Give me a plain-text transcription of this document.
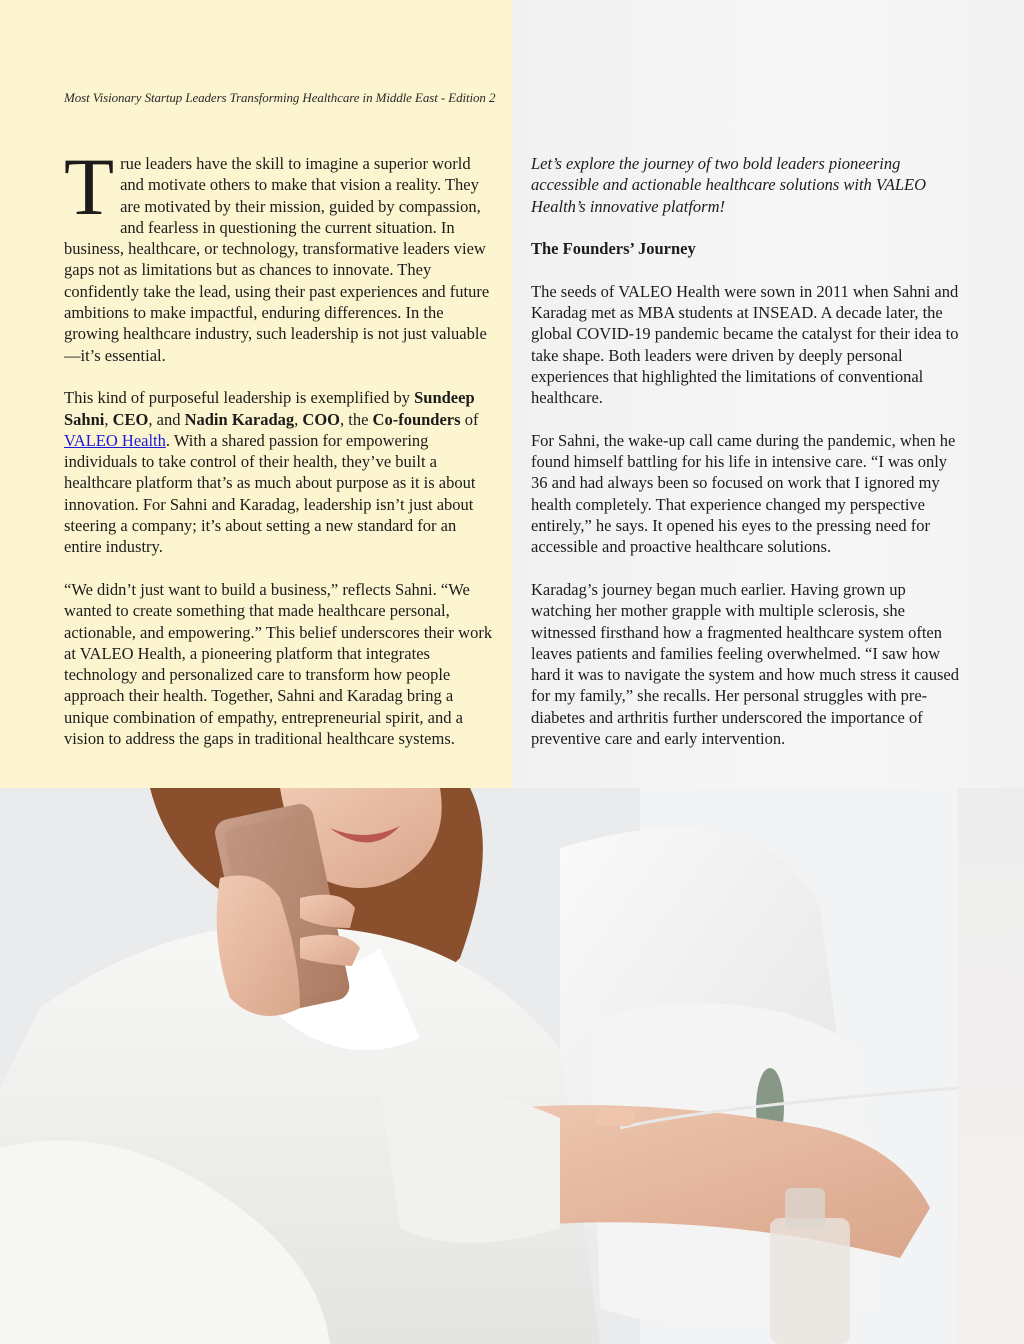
Most Visionary Startup Leaders Transforming Healthcare in Middle East - Edition 2

True leaders have the skill to imagine a superior world and motivate others to make that vision a reality. They are motivated by their mission, guided by compassion, and fearless in questioning the current situation. In business, healthcare, or technology, transformative leaders view gaps not as limitations but as chances to innovate. They confidently take the lead, using their past experiences and future ambitions to make impactful, enduring differences. In the growing healthcare industry, such leadership is not just valuable—it’s essential.

This kind of purposeful leadership is exemplified by Sundeep Sahni, CEO, and Nadin Karadag, COO, the Co-founders of VALEO Health. With a shared passion for empowering individuals to take control of their health, they’ve built a healthcare platform that’s as much about purpose as it is about innovation. For Sahni and Karadag, leadership isn’t just about steering a company; it’s about setting a new standard for an entire industry.

“We didn’t just want to build a business,” reflects Sahni. “We wanted to create something that made healthcare personal, actionable, and empowering.” This belief underscores their work at VALEO Health, a pioneering platform that integrates technology and personalized care to transform how people approach their health. Together, Sahni and Karadag bring a unique combination of empathy, entrepreneurial spirit, and a vision to address the gaps in traditional healthcare systems.

Let’s explore the journey of two bold leaders pioneering accessible and actionable healthcare solutions with VALEO Health’s innovative platform!

The Founders’ Journey

The seeds of VALEO Health were sown in 2011 when Sahni and Karadag met as MBA students at INSEAD. A decade later, the global COVID-19 pandemic became the catalyst for their idea to take shape. Both leaders were driven by deeply personal experiences that highlighted the limitations of conventional healthcare.

For Sahni, the wake-up call came during the pandemic, when he found himself battling for his life in intensive care. “I was only 36 and had always been so focused on work that I ignored my health completely. That experience changed my perspective entirely,” he says. It opened his eyes to the pressing need for accessible and proactive healthcare solutions.

Karadag’s journey began much earlier. Having grown up watching her mother grapple with multiple sclerosis, she witnessed firsthand how a fragmented healthcare system often leaves patients and families feeling overwhelmed. “I saw how hard it was to navigate the system and how much stress it caused for my family,” she recalls. Her personal struggles with pre-diabetes and arthritis further underscored the importance of preventive care and early intervention.
